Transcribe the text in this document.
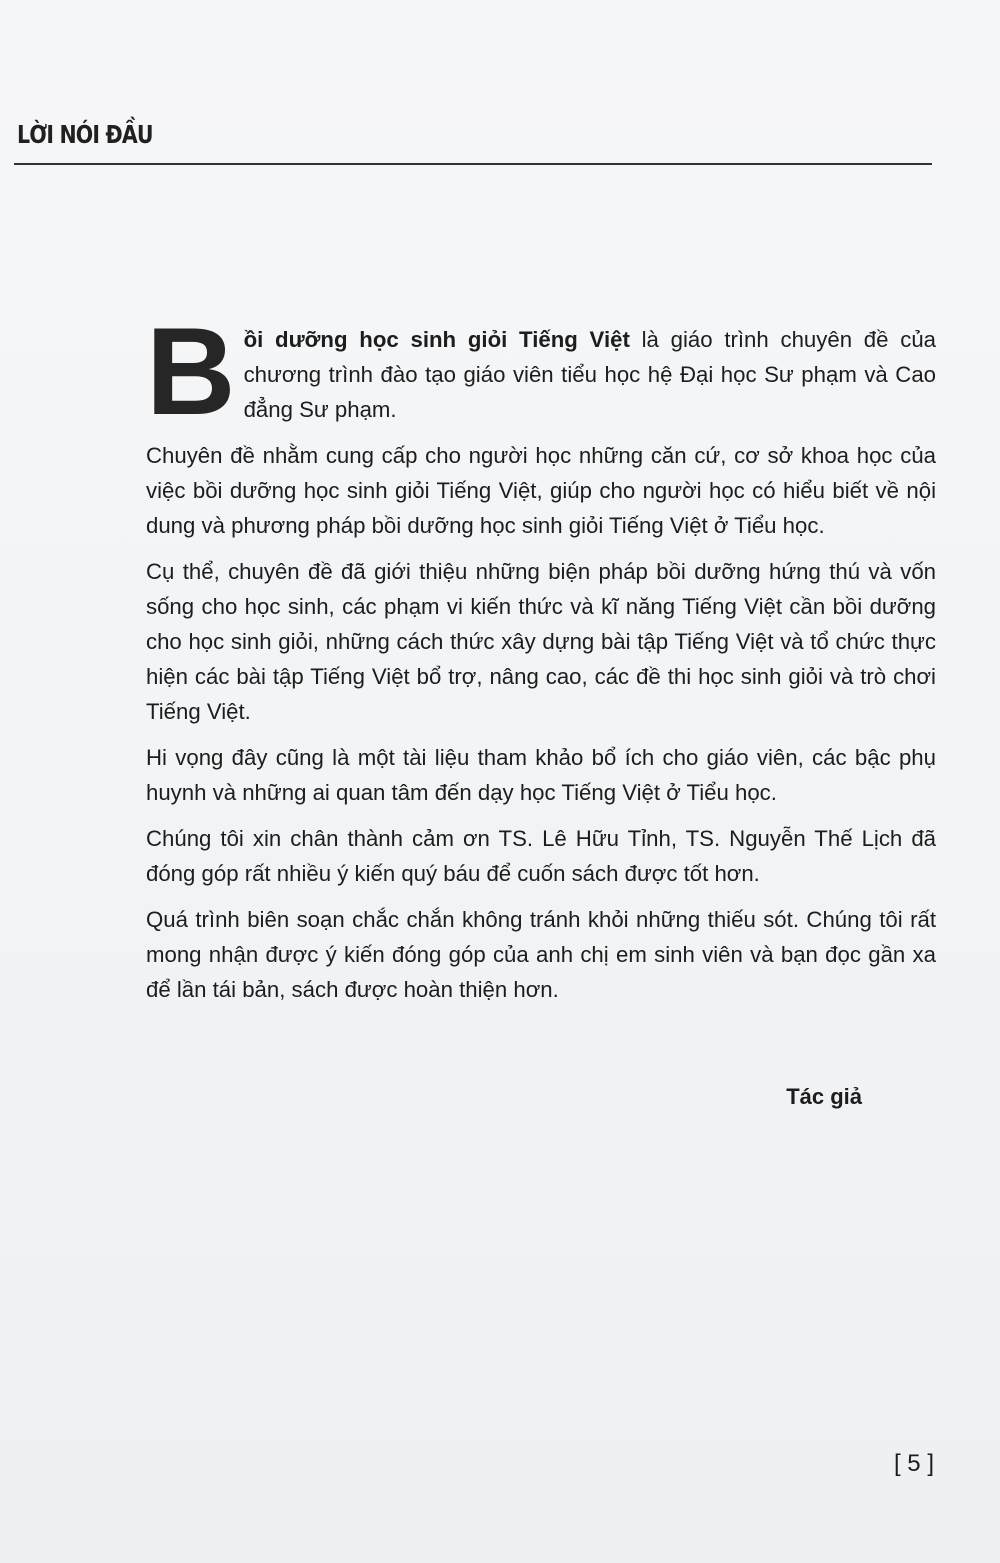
LỜI NÓI ĐẦU

Bồi dưỡng học sinh giỏi Tiếng Việt là giáo trình chuyên đề của chương trình đào tạo giáo viên tiểu học hệ Đại học Sư phạm và Cao đẳng Sư phạm.

Chuyên đề nhằm cung cấp cho người học những căn cứ, cơ sở khoa học của việc bồi dưỡng học sinh giỏi Tiếng Việt, giúp cho người học có hiểu biết về nội dung và phương pháp bồi dưỡng học sinh giỏi Tiếng Việt ở Tiểu học.

Cụ thể, chuyên đề đã giới thiệu những biện pháp bồi dưỡng hứng thú và vốn sống cho học sinh, các phạm vi kiến thức và kĩ năng Tiếng Việt cần bồi dưỡng cho học sinh giỏi, những cách thức xây dựng bài tập Tiếng Việt và tổ chức thực hiện các bài tập Tiếng Việt bổ trợ, nâng cao, các đề thi học sinh giỏi và trò chơi Tiếng Việt.

Hi vọng đây cũng là một tài liệu tham khảo bổ ích cho giáo viên, các bậc phụ huynh và những ai quan tâm đến dạy học Tiếng Việt ở Tiểu học.

Chúng tôi xin chân thành cảm ơn TS. Lê Hữu Tỉnh, TS. Nguyễn Thế Lịch đã đóng góp rất nhiều ý kiến quý báu để cuốn sách được tốt hơn.

Quá trình biên soạn chắc chắn không tránh khỏi những thiếu sót. Chúng tôi rất mong nhận được ý kiến đóng góp của anh chị em sinh viên và bạn đọc gần xa để lần tái bản, sách được hoàn thiện hơn.

Tác giả
[ 5 ]
